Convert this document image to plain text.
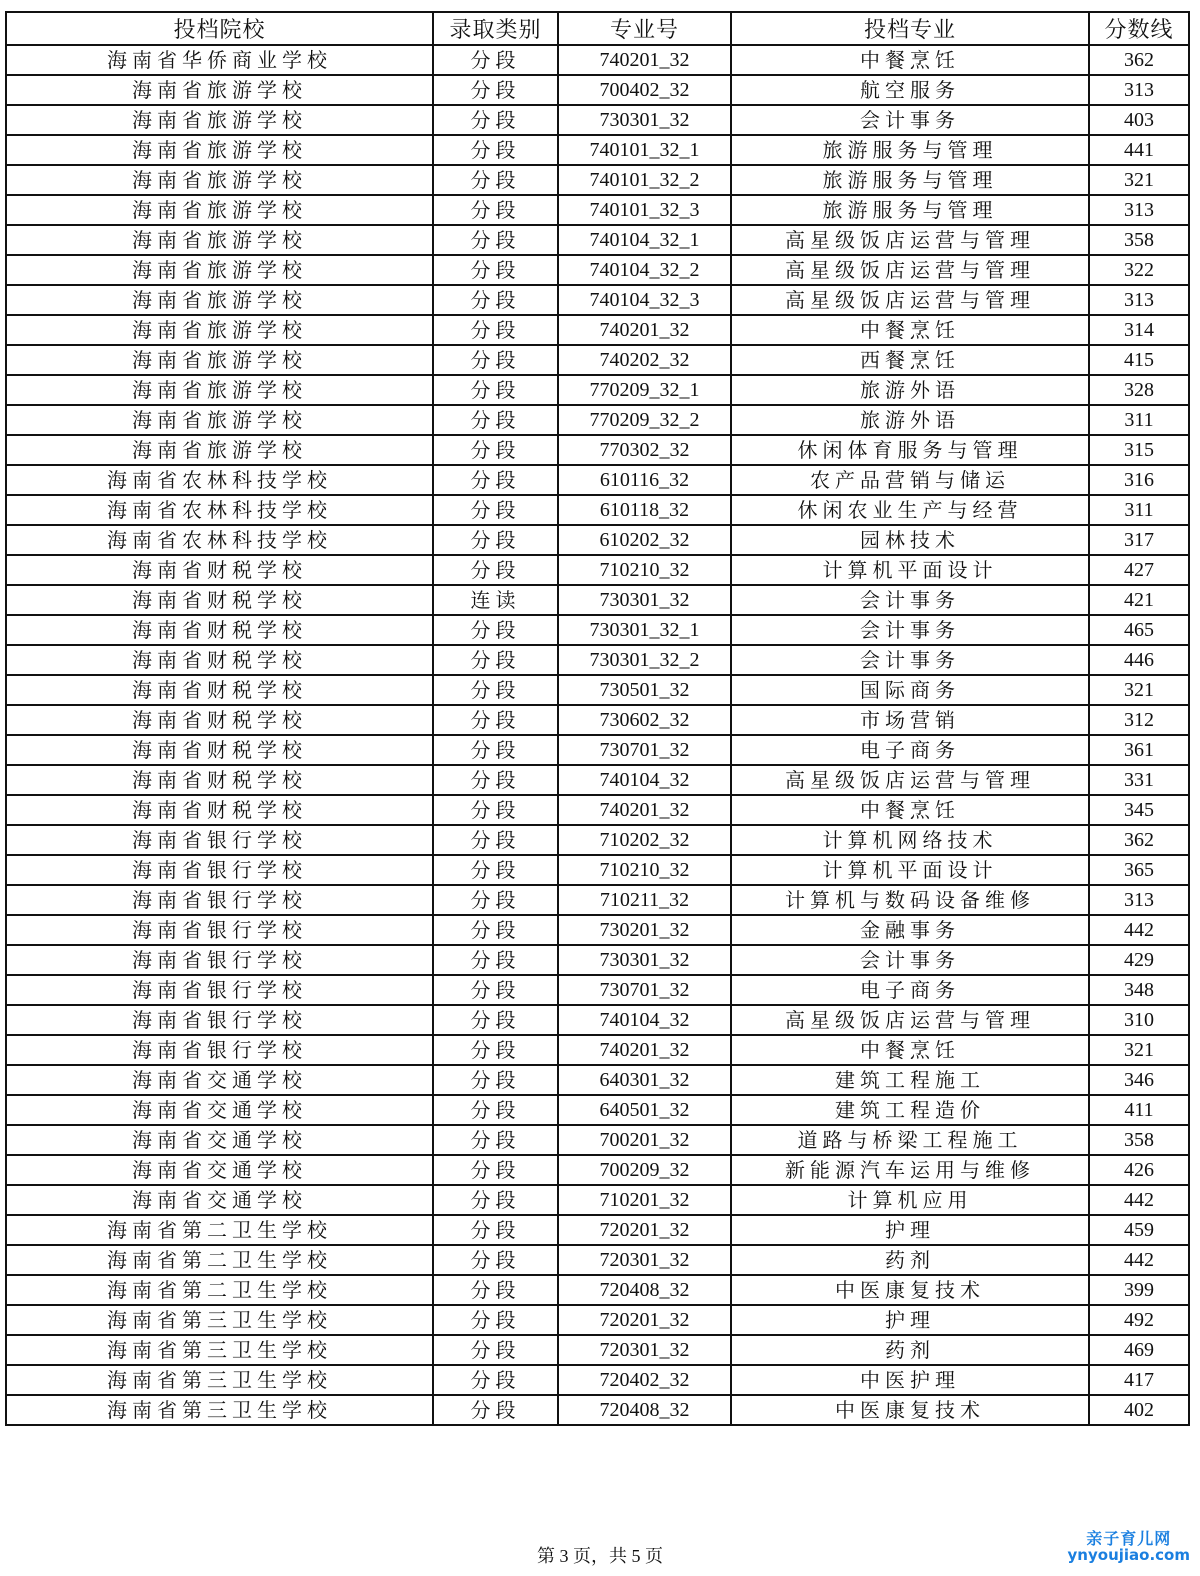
投档院校	录取类别	专业号	投档专业	分数线
海南省华侨商业学校	分段	740201_32	中餐烹饪	362
海南省旅游学校	分段	700402_32	航空服务	313
海南省旅游学校	分段	730301_32	会计事务	403
海南省旅游学校	分段	740101_32_1	旅游服务与管理	441
海南省旅游学校	分段	740101_32_2	旅游服务与管理	321
海南省旅游学校	分段	740101_32_3	旅游服务与管理	313
海南省旅游学校	分段	740104_32_1	高星级饭店运营与管理	358
海南省旅游学校	分段	740104_32_2	高星级饭店运营与管理	322
海南省旅游学校	分段	740104_32_3	高星级饭店运营与管理	313
海南省旅游学校	分段	740201_32	中餐烹饪	314
海南省旅游学校	分段	740202_32	西餐烹饪	415
海南省旅游学校	分段	770209_32_1	旅游外语	328
海南省旅游学校	分段	770209_32_2	旅游外语	311
海南省旅游学校	分段	770302_32	休闲体育服务与管理	315
海南省农林科技学校	分段	610116_32	农产品营销与储运	316
海南省农林科技学校	分段	610118_32	休闲农业生产与经营	311
海南省农林科技学校	分段	610202_32	园林技术	317
海南省财税学校	分段	710210_32	计算机平面设计	427
海南省财税学校	连读	730301_32	会计事务	421
海南省财税学校	分段	730301_32_1	会计事务	465
海南省财税学校	分段	730301_32_2	会计事务	446
海南省财税学校	分段	730501_32	国际商务	321
海南省财税学校	分段	730602_32	市场营销	312
海南省财税学校	分段	730701_32	电子商务	361
海南省财税学校	分段	740104_32	高星级饭店运营与管理	331
海南省财税学校	分段	740201_32	中餐烹饪	345
海南省银行学校	分段	710202_32	计算机网络技术	362
海南省银行学校	分段	710210_32	计算机平面设计	365
海南省银行学校	分段	710211_32	计算机与数码设备维修	313
海南省银行学校	分段	730201_32	金融事务	442
海南省银行学校	分段	730301_32	会计事务	429
海南省银行学校	分段	730701_32	电子商务	348
海南省银行学校	分段	740104_32	高星级饭店运营与管理	310
海南省银行学校	分段	740201_32	中餐烹饪	321
海南省交通学校	分段	640301_32	建筑工程施工	346
海南省交通学校	分段	640501_32	建筑工程造价	411
海南省交通学校	分段	700201_32	道路与桥梁工程施工	358
海南省交通学校	分段	700209_32	新能源汽车运用与维修	426
海南省交通学校	分段	710201_32	计算机应用	442
海南省第二卫生学校	分段	720201_32	护理	459
海南省第二卫生学校	分段	720301_32	药剂	442
海南省第二卫生学校	分段	720408_32	中医康复技术	399
海南省第三卫生学校	分段	720201_32	护理	492
海南省第三卫生学校	分段	720301_32	药剂	469
海南省第三卫生学校	分段	720402_32	中医护理	417
海南省第三卫生学校	分段	720408_32	中医康复技术	402
第 3 页，共 5 页
亲子育儿网
ynyoujiao.com
